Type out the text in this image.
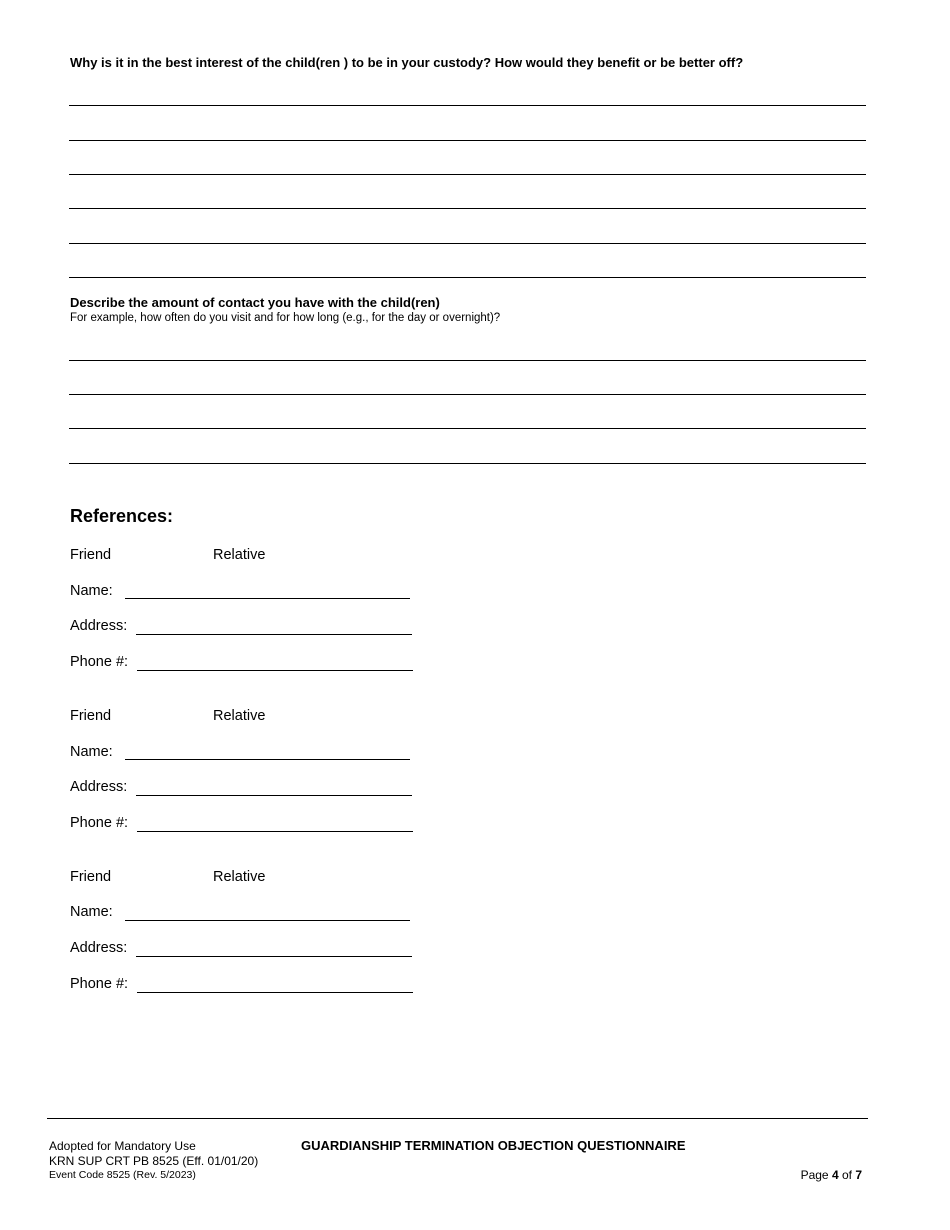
Why is it in the best interest of the child(ren ) to be in your custody? How would they benefit or be better off?
Describe the amount of contact you have with the child(ren)
For example, how often do you visit and for how long (e.g., for the day or overnight)?
References:
Friend	Relative
Name:
Address:
Phone #:
Friend	Relative
Name:
Address:
Phone #:
Friend	Relative
Name:
Address:
Phone #:
Adopted for Mandatory Use
KRN SUP CRT PB 8525 (Eff. 01/01/20)
Event Code 8525 (Rev. 5/2023)
GUARDIANSHIP TERMINATION OBJECTION QUESTIONNAIRE
Page 4 of 7
